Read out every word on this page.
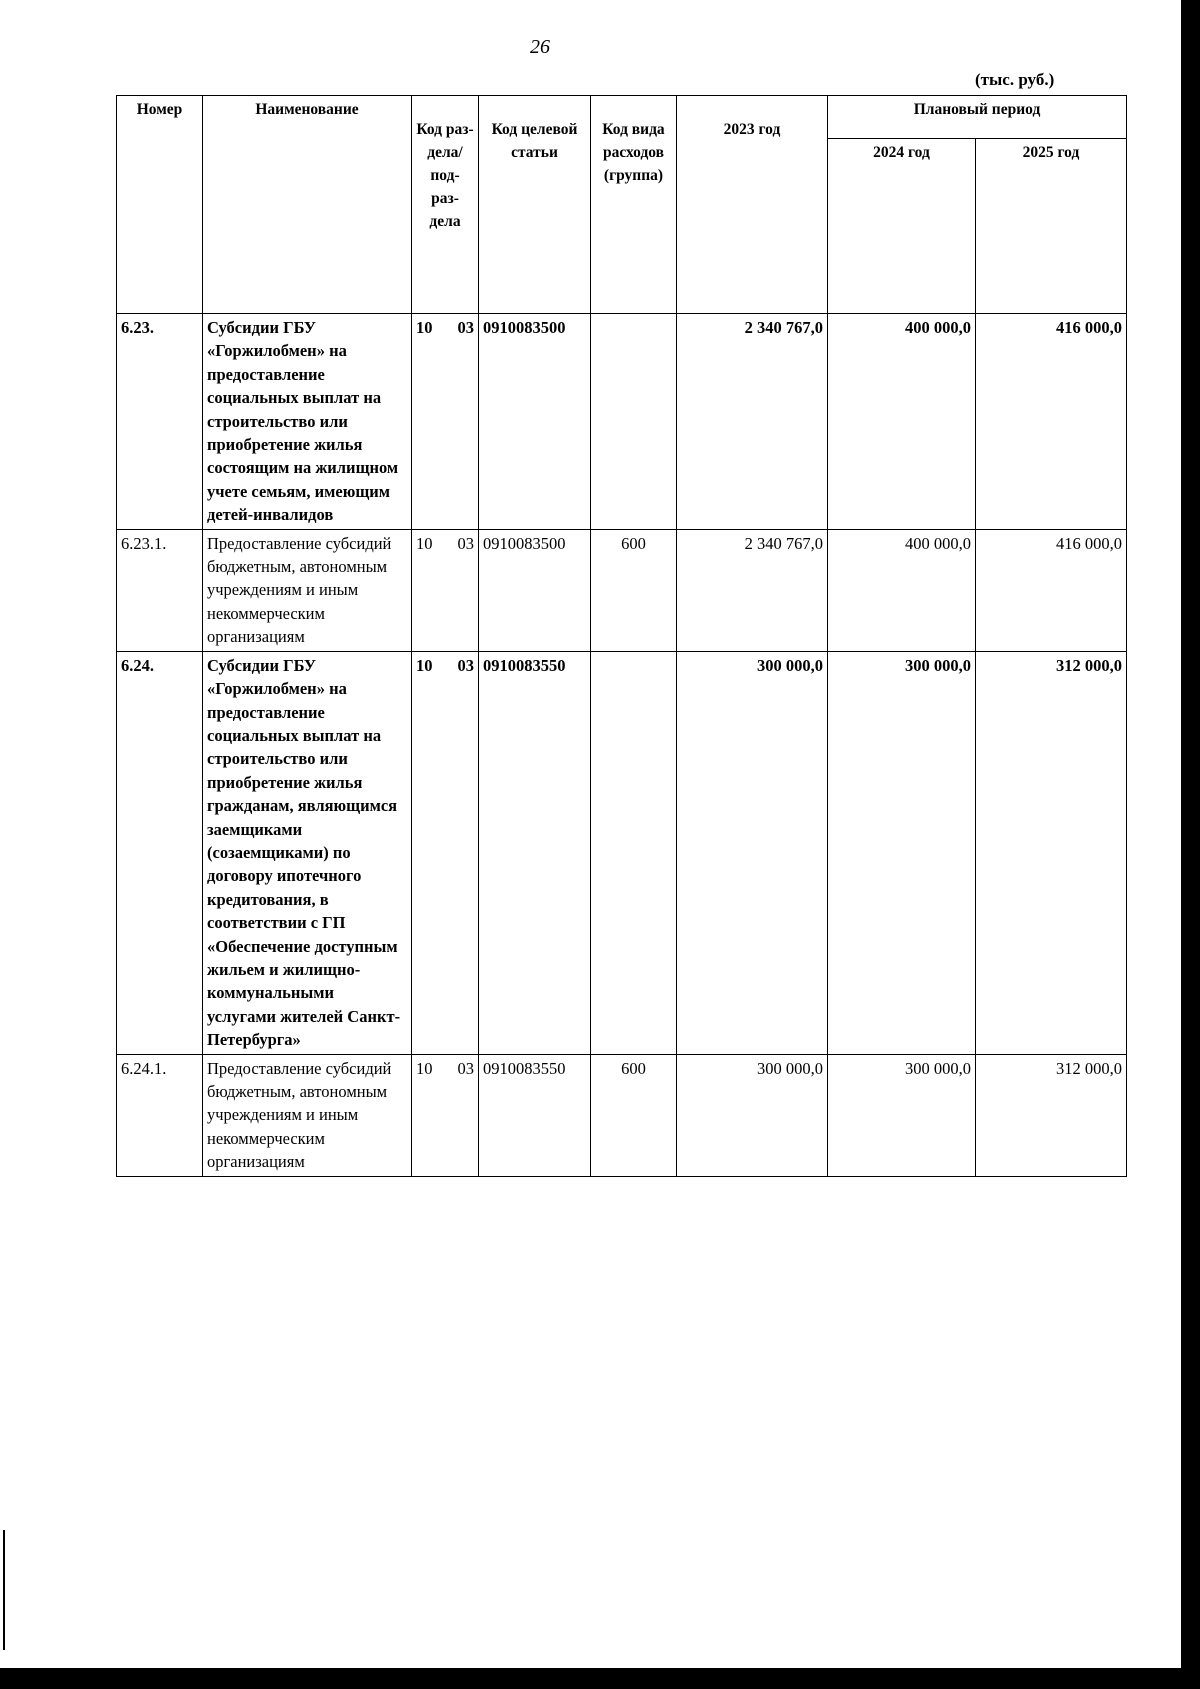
26
(тыс. руб.)
Номер	Наименование	Код раз- дела/ под- раз- дела	Код целевой статьи	Код вида расходов (группа)	2023 год	Плановый период	
						2024 год	2025 год
6.23.	Субсидии ГБУ «Горжилобмен» на предоставление социальных выплат на строительство или приобретение жилья состоящим на жилищном учете семьям, имеющим детей-инвалидов	10 03	0910083500		2 340 767,0	400 000,0	416 000,0
6.23.1.	Предоставление субсидий бюджетным, автономным учреждениям и иным некоммерческим организациям	10 03	0910083500	600	2 340 767,0	400 000,0	416 000,0
6.24.	Субсидии ГБУ «Горжилобмен» на предоставление социальных выплат на строительство или приобретение жилья гражданам, являющимся заемщиками (созаемщиками) по договору ипотечного кредитования, в соответствии с ГП «Обеспечение доступным жильем и жилищно-коммунальными услугами жителей Санкт-Петербурга»	10 03	0910083550		300 000,0	300 000,0	312 000,0
6.24.1.	Предоставление субсидий бюджетным, автономным учреждениям и иным некоммерческим организациям	10 03	0910083550	600	300 000,0	300 000,0	312 000,0
